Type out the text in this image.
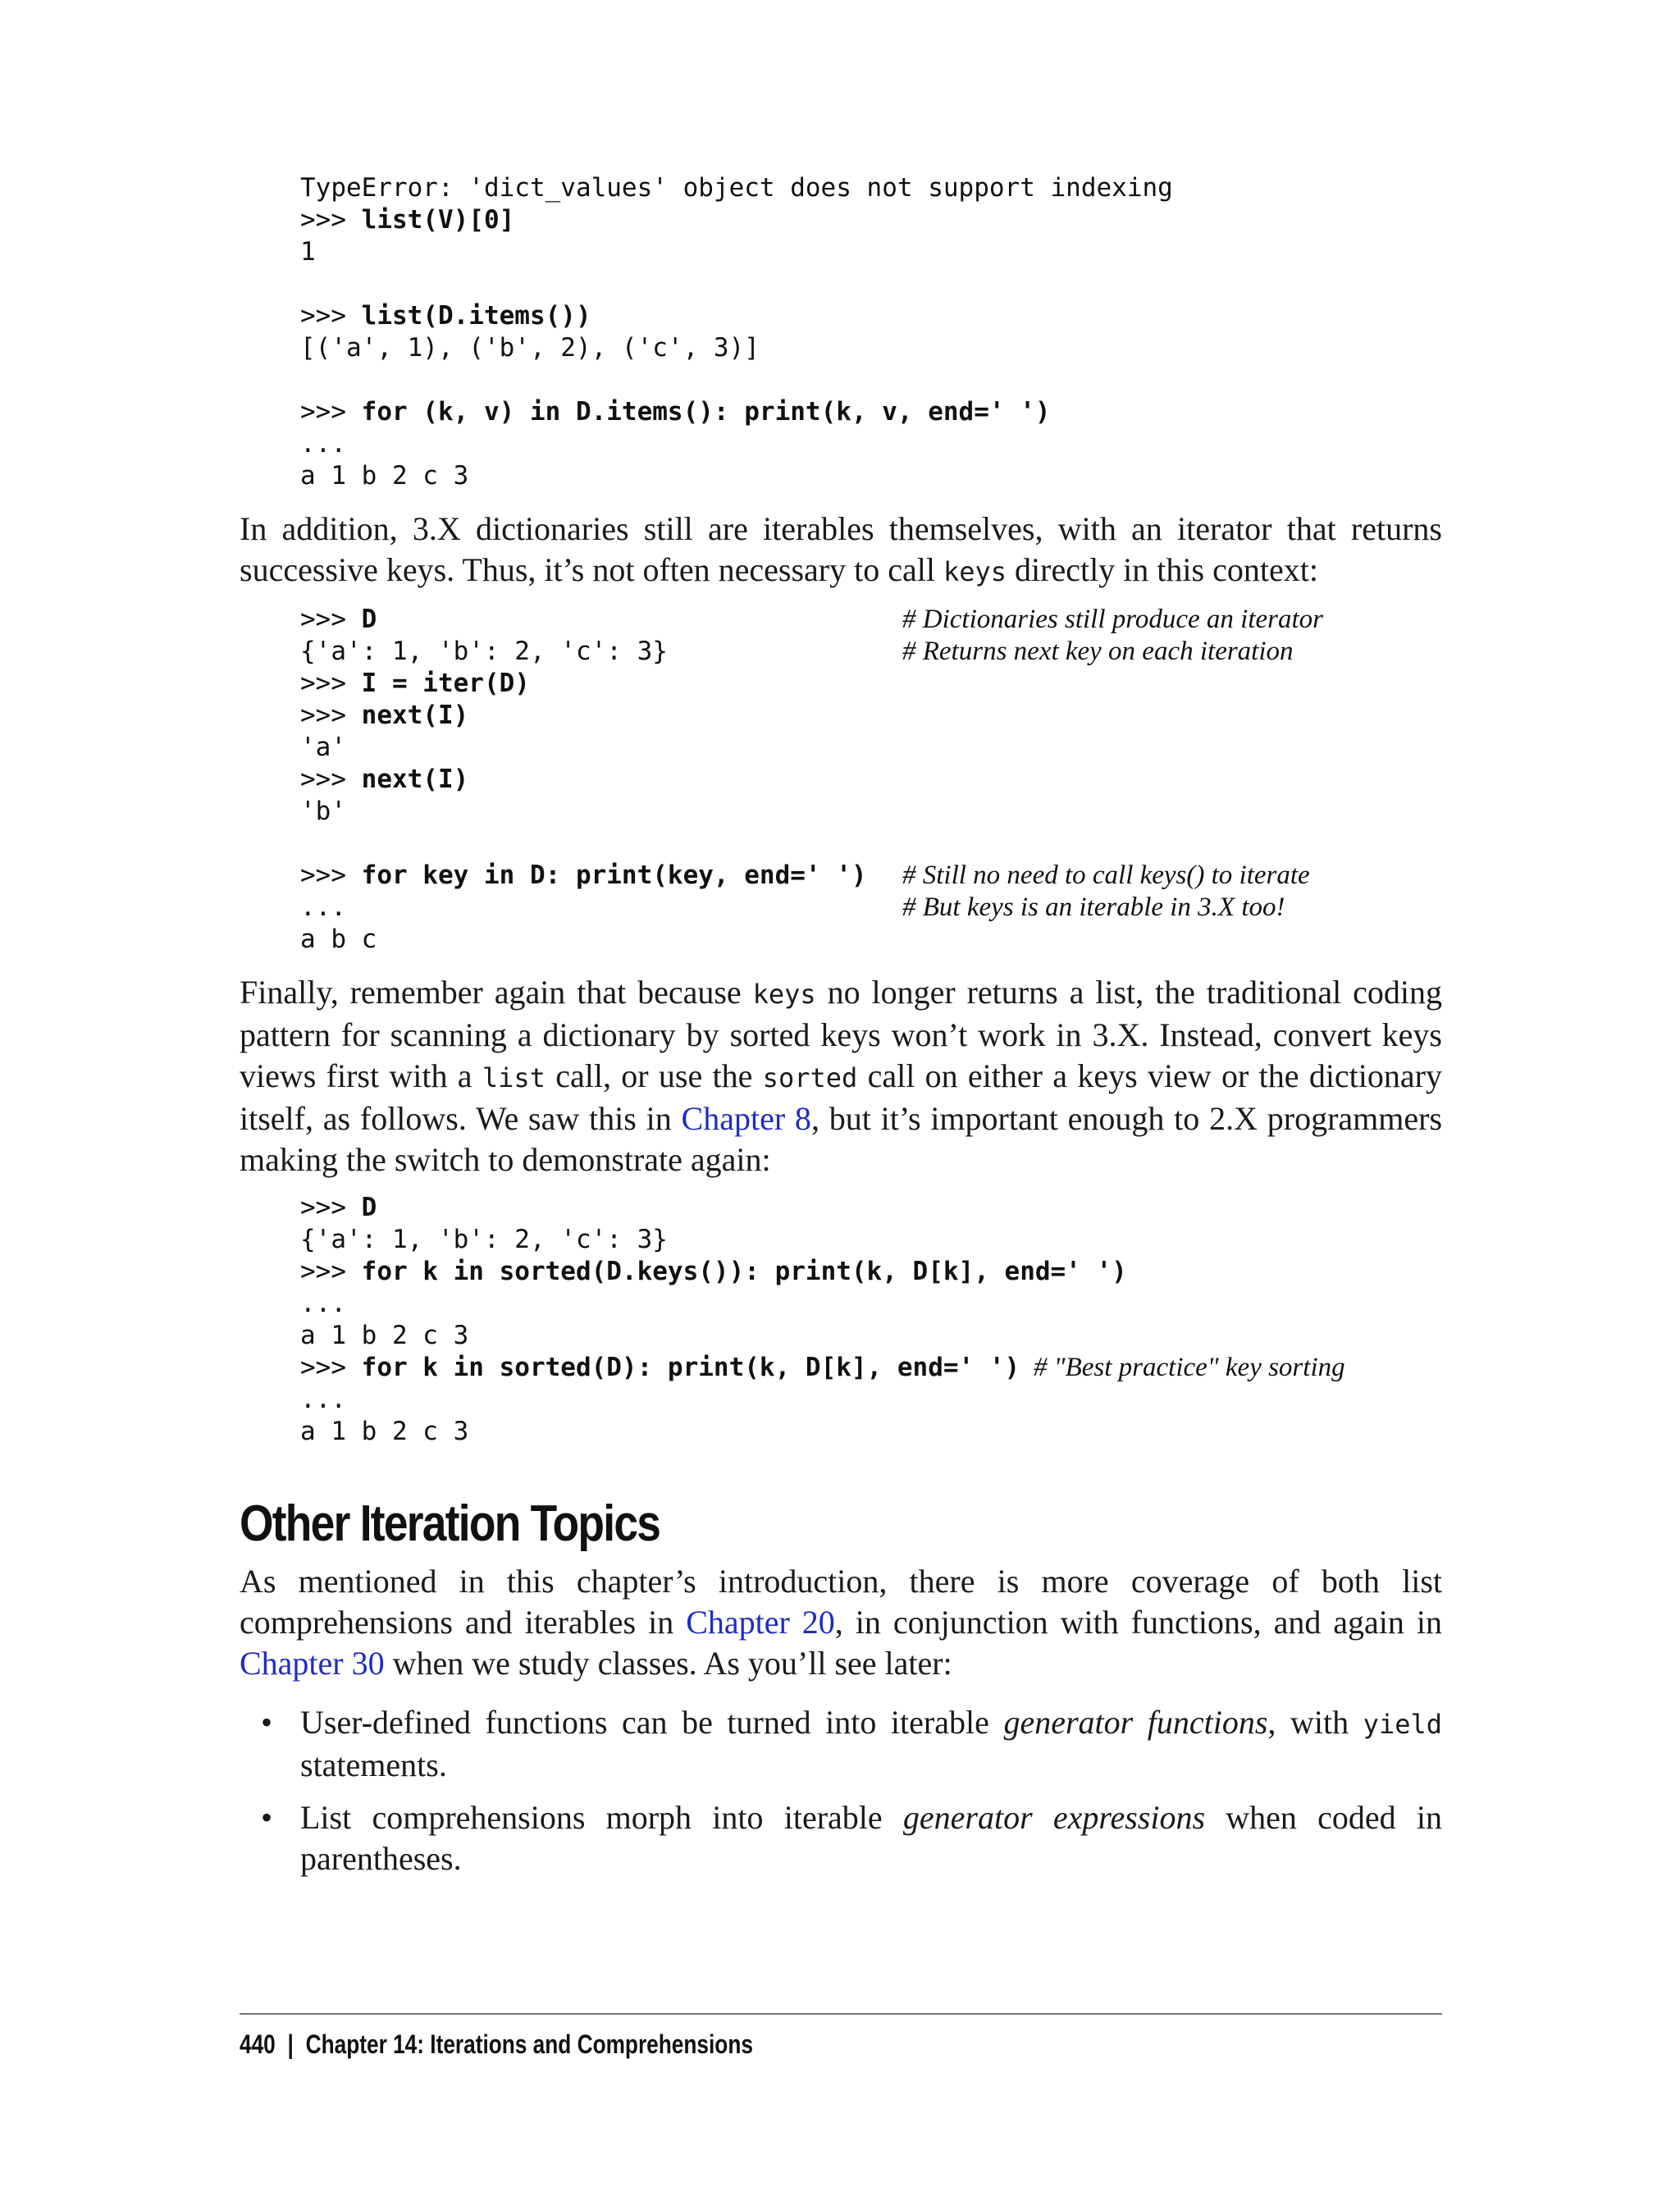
TypeError: 'dict_values' object does not support indexing
>>> list(V)[0]
1

>>> list(D.items())
[('a', 1), ('b', 2), ('c', 3)]

>>> for (k, v) in D.items(): print(k, v, end=' ')
...
a 1 b 2 c 3

In addition, 3.X dictionaries still are iterables themselves, with an iterator that returns successive keys. Thus, it’s not often necessary to call keys directly in this context:

>>> D	# Dictionaries still produce an iterator
{'a': 1, 'b': 2, 'c': 3}	# Returns next key on each iteration
>>> I = iter(D)
>>> next(I)
'a'
>>> next(I)
'b'
>>> for key in D: print(key, end=' ') # Still no need to call keys() to iterate
...	# But keys is an iterable in 3.X too!
a b c

Finally, remember again that because keys no longer returns a list, the traditional coding pattern for scanning a dictionary by sorted keys won’t work in 3.X. Instead, convert keys views first with a list call, or use the sorted call on either a keys view or the dictionary itself, as follows. We saw this in Chapter 8, but it’s important enough to 2.X programmers making the switch to demonstrate again:

>>> D
{'a': 1, 'b': 2, 'c': 3}
>>> for k in sorted(D.keys()): print(k, D[k], end=' ')
...
a 1 b 2 c 3
>>> for k in sorted(D): print(k, D[k], end=' ') # "Best practice" key sorting
...
a 1 b 2 c 3
Other Iteration Topics

As mentioned in this chapter’s introduction, there is more coverage of both list comprehensions and iterables in Chapter 20, in conjunction with functions, and again in Chapter 30 when we study classes. As you’ll see later:

• User-defined functions can be turned into iterable generator functions, with yield statements.
• List comprehensions morph into iterable generator expressions when coded in parentheses.
440 | Chapter 14: Iterations and Comprehensions
